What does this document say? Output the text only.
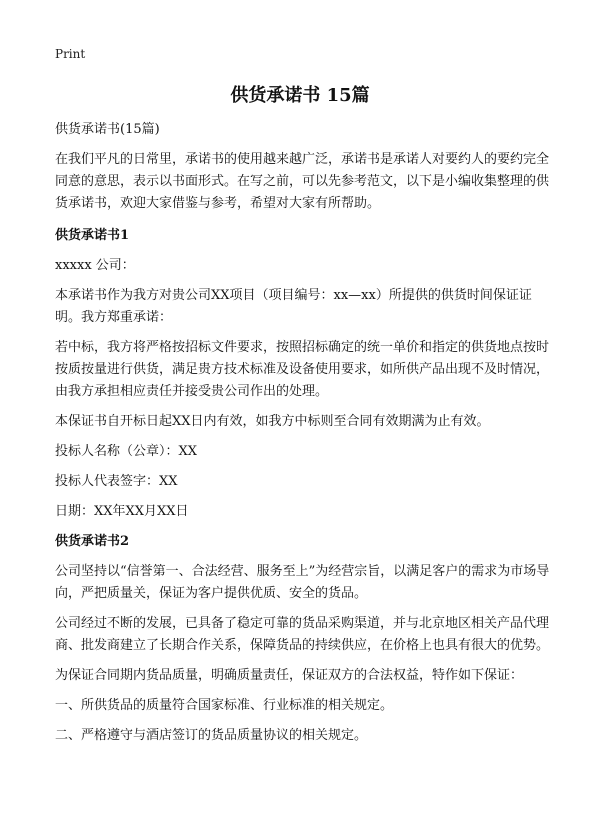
Print
供货承诺书 15篇

供货承诺书(15篇)

在我们平凡的日常里，承诺书的使用越来越广泛，承诺书是承诺人对要约人的要约完全同意的意思，表示以书面形式。在写之前，可以先参考范文，以下是小编收集整理的供货承诺书，欢迎大家借鉴与参考，希望对大家有所帮助。

供货承诺书1

xxxxx 公司：

本承诺书作为我方对贵公司XX项目（项目编号：xx—xx）所提供的供货时间保证证明。我方郑重承诺：

若中标，我方将严格按招标文件要求，按照招标确定的统一单价和指定的供货地点按时按质按量进行供货，满足贵方技术标准及设备使用要求，如所供产品出现不及时情况，由我方承担相应责任并接受贵公司作出的处理。

本保证书自开标日起XX日内有效，如我方中标则至合同有效期满为止有效。

投标人名称（公章）：XX

投标人代表签字：XX

日期：XX年XX月XX日

供货承诺书2

公司坚持以“信誉第一、合法经营、服务至上”为经营宗旨，以满足客户的需求为市场导向，严把质量关，保证为客户提供优质、安全的货品。

公司经过不断的发展，已具备了稳定可靠的货品采购渠道，并与北京地区相关产品代理商、批发商建立了长期合作关系，保障货品的持续供应，在价格上也具有很大的优势。

为保证合同期内货品质量，明确质量责任，保证双方的合法权益，特作如下保证：

一、所供货品的质量符合国家标准、行业标准的相关规定。

二、严格遵守与酒店签订的货品质量协议的相关规定。
